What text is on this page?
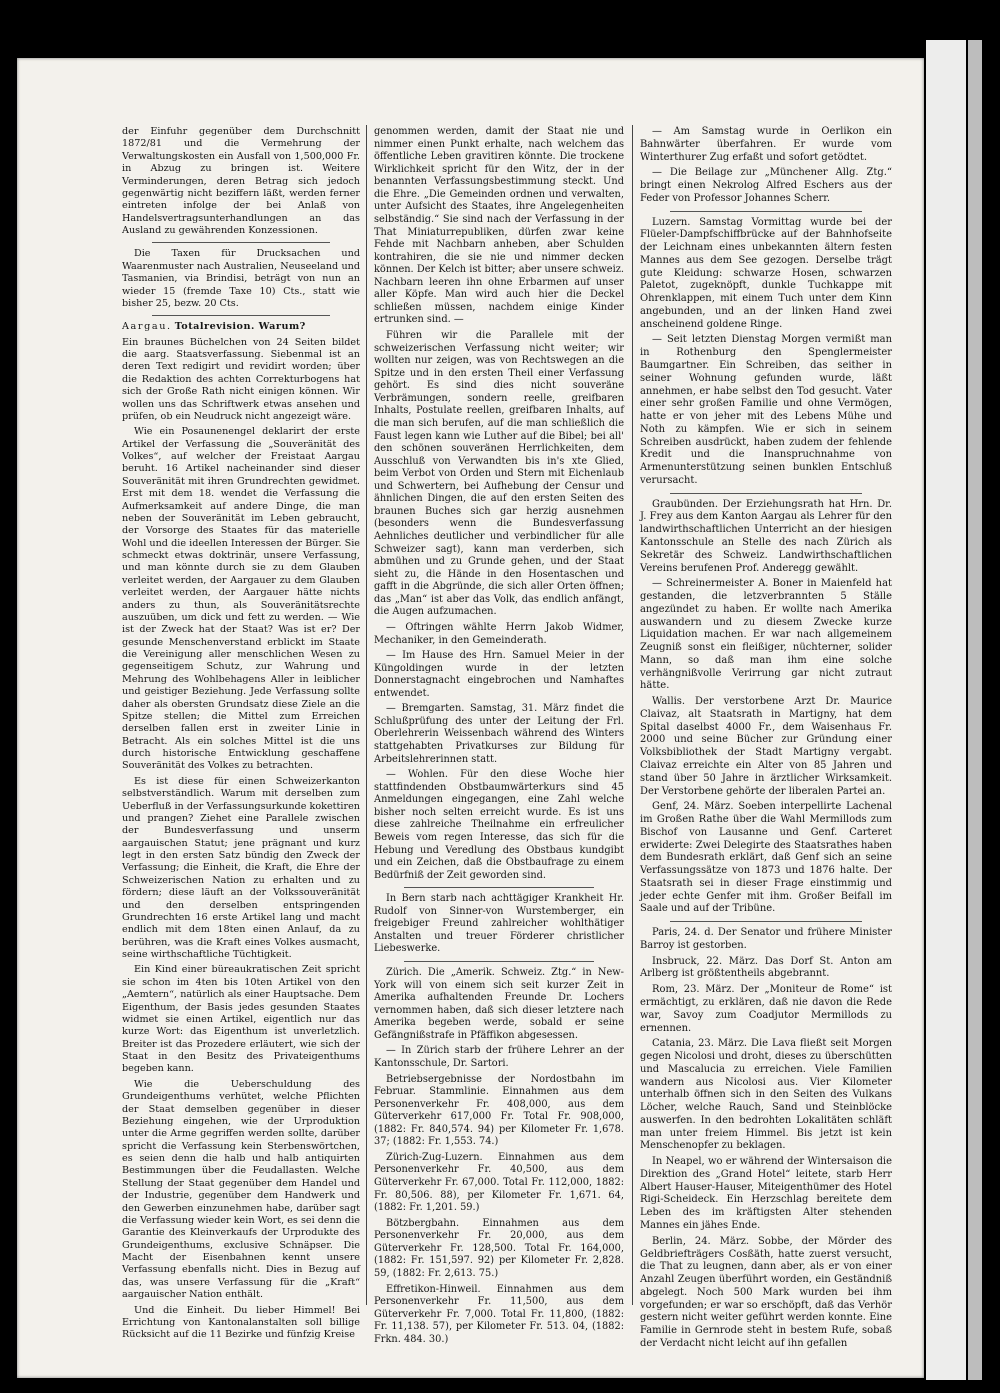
der Einfuhr gegenüber dem Durchschnitt 1872/81 und die Vermehrung der Verwaltungskosten ein Ausfall von 1,500,000 Fr. in Abzug zu bringen ist. Weitere Verminderungen, deren Betrag sich jedoch gegenwärtig nicht beziffern läßt, werden ferner eintreten infolge der bei Anlaß von Handelsvertragsunterhandlungen an das Ausland zu gewährenden Konzessionen.

Die Taxen für Drucksachen und Waarenmuster nach Australien, Neuseeland und Tasmanien, via Brindisi, beträgt von nun an wieder 15 (fremde Taxe 10) Cts., statt wie bisher 25, bezw. 20 Cts.

Aargau. Totalrevision. Warum?

Ein braunes Büchelchen von 24 Seiten bildet die aarg. Staatsverfassung. Siebenmal ist an deren Text redigirt und revidirt worden; über die Redaktion des achten Correkturbogens hat sich der Große Rath nicht einigen können. Wir wollen uns das Schriftwerk etwas ansehen und prüfen, ob ein Neudruck nicht angezeigt wäre.

Wie ein Posaunenengel deklarirt der erste Artikel der Verfassung die „Souveränität des Volkes“, auf welcher der Freistaat Aargau beruht. 16 Artikel nacheinander sind dieser Souveränität mit ihren Grundrechten gewidmet. Erst mit dem 18. wendet die Verfassung die Aufmerksamkeit auf andere Dinge, die man neben der Souveränität im Leben gebraucht, der Vorsorge des Staates für das materielle Wohl und die ideellen Interessen der Bürger. Sie schmeckt etwas doktrinär, unsere Verfassung, und man könnte durch sie zu dem Glauben verleitet werden, der Aargauer zu dem Glauben verleitet werden, der Aargauer hätte nichts anders zu thun, als Souveränitätsrechte auszuüben, um dick und fett zu werden. — Wie ist der Zweck hat der Staat? Was ist er? Der gesunde Menschenverstand erblickt im Staate die Vereinigung aller menschlichen Wesen zu gegenseitigem Schutz, zur Wahrung und Mehrung des Wohlbehagens Aller in leiblicher und geistiger Beziehung. Jede Verfassung sollte daher als obersten Grundsatz diese Ziele an die Spitze stellen; die Mittel zum Erreichen derselben fallen erst in zweiter Linie in Betracht. Als ein solches Mittel ist die uns durch historische Entwicklung geschaffene Souveränität des Volkes zu betrachten.

Es ist diese für einen Schweizerkanton selbstverständlich. Warum mit derselben zum Ueberfluß in der Verfassungsurkunde kokettiren und prangen? Ziehet eine Parallele zwischen der Bundesverfassung und unserm aargauischen Statut; jene prägnant und kurz legt in den ersten Satz bündig den Zweck der Verfassung; die Einheit, die Kraft, die Ehre der Schweizerischen Nation zu erhalten und zu fördern; diese läuft an der Volkssouveränität und den derselben entspringenden Grundrechten 16 erste Artikel lang und macht endlich mit dem 18ten einen Anlauf, da zu berühren, was die Kraft eines Volkes ausmacht, seine wirthschaftliche Tüchtigkeit.

Ein Kind einer büreaukratischen Zeit spricht sie schon im 4ten bis 10ten Artikel von den „Aemtern“, natürlich als einer Hauptsache. Dem Eigenthum, der Basis jedes gesunden Staates widmet sie einen Artikel, eigentlich nur das kurze Wort: das Eigenthum ist unverletzlich. Breiter ist das Prozedere erläutert, wie sich der Staat in den Besitz des Privateigenthums begeben kann.

Wie die Ueberschuldung des Grundeigenthums verhütet, welche Pflichten der Staat demselben gegenüber in dieser Beziehung eingehen, wie der Urproduktion unter die Arme gegriffen werden sollte, darüber spricht die Verfassung kein Sterbenswörtchen, es seien denn die halb und halb antiquirten Bestimmungen über die Feudallasten. Welche Stellung der Staat gegenüber dem Handel und der Industrie, gegenüber dem Handwerk und den Gewerben einzunehmen habe, darüber sagt die Verfassung wieder kein Wort, es sei denn die Garantie des Kleinverkaufs der Urprodukte des Grundeigenthums, exclusive Schnäpser. Die Macht der Eisenbahnen kennt unsere Verfassung ebenfalls nicht. Dies in Bezug auf das, was unsere Verfassung für die „Kraft“ aargauischer Nation enthält.

Und die Einheit. Du lieber Himmel! Bei Errichtung von Kantonalanstalten soll billige Rücksicht auf die 11 Bezirke und fünfzig Kreise

genommen werden, damit der Staat nie und nimmer einen Punkt erhalte, nach welchem das öffentliche Leben gravitiren könnte. Die trockene Wirklichkeit spricht für den Witz, der in der benannten Verfassungsbestimmung steckt. Und die Ehre. „Die Gemeinden ordnen und verwalten, unter Aufsicht des Staates, ihre Angelegenheiten selbständig.“ Sie sind nach der Verfassung in der That Miniaturrepubliken, dürfen zwar keine Fehde mit Nachbarn anheben, aber Schulden kontrahiren, die sie nie und nimmer decken können. Der Kelch ist bitter; aber unsere schweiz. Nachbarn leeren ihn ohne Erbarmen auf unser aller Köpfe. Man wird auch hier die Deckel schließen müssen, nachdem einige Kinder ertrunken sind. —

Führen wir die Parallele mit der schweizerischen Verfassung nicht weiter; wir wollten nur zeigen, was von Rechtswegen an die Spitze und in den ersten Theil einer Verfassung gehört. Es sind dies nicht souveräne Verbrämungen, sondern reelle, greifbaren Inhalts, Postulate reellen, greifbaren Inhalts, auf die man sich berufen, auf die man schließlich die Faust legen kann wie Luther auf die Bibel; bei all' den schönen souveränen Herrlichkeiten, dem Ausschluß von Verwandten bis in's xte Glied, beim Verbot von Orden und Stern mit Eichenlaub und Schwertern, bei Aufhebung der Censur und ähnlichen Dingen, die auf den ersten Seiten des braunen Buches sich gar herzig ausnehmen (besonders wenn die Bundesverfassung Aehnliches deutlicher und verbindlicher für alle Schweizer sagt), kann man verderben, sich abmühen und zu Grunde gehen, und der Staat sieht zu, die Hände in den Hosentaschen und gafft in die Abgründe, die sich aller Orten öffnen; das „Man“ ist aber das Volk, das endlich anfängt, die Augen aufzumachen.

— Oftringen wählte Herrn Jakob Widmer, Mechaniker, in den Gemeinderath.

— Im Hause des Hrn. Samuel Meier in der Küngoldingen wurde in der letzten Donnerstagnacht eingebrochen und Namhaftes entwendet.

— Bremgarten. Samstag, 31. März findet die Schlußprüfung des unter der Leitung der Frl. Oberlehrerin Weissenbach während des Winters stattgehabten Privatkurses zur Bildung für Arbeitslehrerinnen statt.

— Wohlen. Für den diese Woche hier stattfindenden Obstbaumwärterkurs sind 45 Anmeldungen eingegangen, eine Zahl welche bisher noch selten erreicht wurde. Es ist uns diese zahlreiche Theilnahme ein erfreulicher Beweis vom regen Interesse, das sich für die Hebung und Veredlung des Obstbaus kundgibt und ein Zeichen, daß die Obstbaufrage zu einem Bedürfniß der Zeit geworden sind.

In Bern starb nach achttägiger Krankheit Hr. Rudolf von Sinner-von Wurstemberger, ein freigebiger Freund zahlreicher wohlthätiger Anstalten und treuer Förderer christlicher Liebeswerke.

Zürich. Die „Amerik. Schweiz. Ztg.“ in New-York will von einem sich seit kurzer Zeit in Amerika aufhaltenden Freunde Dr. Lochers vernommen haben, daß sich dieser letztere nach Amerika begeben werde, sobald er seine Gefängnißstrafe in Pfäffikon abgesessen.

— In Zürich starb der frühere Lehrer an der Kantonsschule, Dr. Sartori.

Betriebsergebnisse der Nordostbahn im Februar. Stammlinie. Einnahmen aus dem Personenverkehr Fr. 408,000, aus dem Güterverkehr 617,000 Fr. Total Fr. 908,000, (1882: Fr. 840,574. 94) per Kilometer Fr. 1,678. 37; (1882: Fr. 1,553. 74.)

Zürich-Zug-Luzern. Einnahmen aus dem Personenverkehr Fr. 40,500, aus dem Güterverkehr Fr. 67,000. Total Fr. 112,000, 1882: Fr. 80,506. 88), per Kilometer Fr. 1,671. 64, (1882: Fr. 1,201. 59.)

Bötzbergbahn. Einnahmen aus dem Personenverkehr Fr. 20,000, aus dem Güterverkehr Fr. 128,500. Total Fr. 164,000, (1882: Fr. 151,597. 92) per Kilometer Fr. 2,828. 59, (1882: Fr. 2,613. 75.)

Effretikon-Hinweil. Einnahmen aus dem Personenverkehr Fr. 11,500, aus dem Güterverkehr Fr. 7,000. Total Fr. 11,800, (1882: Fr. 11,138. 57), per Kilometer Fr. 513. 04, (1882: Frkn. 484. 30.)

— Am Samstag wurde in Oerlikon ein Bahnwärter überfahren. Er wurde vom Winterthurer Zug erfaßt und sofort getödtet.

— Die Beilage zur „Münchener Allg. Ztg.“ bringt einen Nekrolog Alfred Eschers aus der Feder von Professor Johannes Scherr.

Luzern. Samstag Vormittag wurde bei der Flüeler-Dampfschiffbrücke auf der Bahnhofseite der Leichnam eines unbekannten ältern festen Mannes aus dem See gezogen. Derselbe trägt gute Kleidung: schwarze Hosen, schwarzen Paletot, zugeknöpft, dunkle Tuchkappe mit Ohrenklappen, mit einem Tuch unter dem Kinn angebunden, und an der linken Hand zwei anscheinend goldene Ringe.

— Seit letzten Dienstag Morgen vermißt man in Rothenburg den Spenglermeister Baumgartner. Ein Schreiben, das seither in seiner Wohnung gefunden wurde, läßt annehmen, er habe selbst den Tod gesucht. Vater einer sehr großen Familie und ohne Vermögen, hatte er von jeher mit des Lebens Mühe und Noth zu kämpfen. Wie er sich in seinem Schreiben ausdrückt, haben zudem der fehlende Kredit und die Inanspruchnahme von Armenunterstützung seinen bunklen Entschluß verursacht.

Graubünden. Der Erziehungsrath hat Hrn. Dr. J. Frey aus dem Kanton Aargau als Lehrer für den landwirthschaftlichen Unterricht an der hiesigen Kantonsschule an Stelle des nach Zürich als Sekretär des Schweiz. Landwirthschaftlichen Vereins berufenen Prof. Anderegg gewählt.

— Schreinermeister A. Boner in Maienfeld hat gestanden, die letzverbrannten 5 Ställe angezündet zu haben. Er wollte nach Amerika auswandern und zu diesem Zwecke kurze Liquidation machen. Er war nach allgemeinem Zeugniß sonst ein fleißiger, nüchterner, solider Mann, so daß man ihm eine solche verhängnißvolle Verirrung gar nicht zutraut hätte.

Wallis. Der verstorbene Arzt Dr. Maurice Claivaz, alt Staatsrath in Martigny, hat dem Spital daselbst 4000 Fr., dem Waisenhaus Fr. 2000 und seine Bücher zur Gründung einer Volksbibliothek der Stadt Martigny vergabt. Claivaz erreichte ein Alter von 85 Jahren und stand über 50 Jahre in ärztlicher Wirksamkeit. Der Verstorbene gehörte der liberalen Partei an.

Genf, 24. März. Soeben interpellirte Lachenal im Großen Rathe über die Wahl Mermillods zum Bischof von Lausanne und Genf. Carteret erwiderte: Zwei Delegirte des Staatsrathes haben dem Bundesrath erklärt, daß Genf sich an seine Verfassungssätze von 1873 und 1876 halte. Der Staatsrath sei in dieser Frage einstimmig und jeder echte Genfer mit ihm. Großer Beifall im Saale und auf der Tribüne.

Paris, 24. d. Der Senator und frühere Minister Barroy ist gestorben.

Insbruck, 22. März. Das Dorf St. Anton am Arlberg ist größtentheils abgebrannt.

Rom, 23. März. Der „Moniteur de Rome“ ist ermächtigt, zu erklären, daß nie davon die Rede war, Savoy zum Coadjutor Mermillods zu ernennen.

Catania, 23. März. Die Lava fließt seit Morgen gegen Nicolosi und droht, dieses zu überschütten und Mascalucia zu erreichen. Viele Familien wandern aus Nicolosi aus. Vier Kilometer unterhalb öffnen sich in den Seiten des Vulkans Löcher, welche Rauch, Sand und Steinblöcke auswerfen. In den bedrohten Lokalitäten schläft man unter freiem Himmel. Bis jetzt ist kein Menschenopfer zu beklagen.

In Neapel, wo er während der Wintersaison die Direktion des „Grand Hotel“ leitete, starb Herr Albert Hauser-Hauser, Miteigenthümer des Hotel Rigi-Scheideck. Ein Herzschlag bereitete dem Leben des im kräftigsten Alter stehenden Mannes ein jähes Ende.

Berlin, 24. März. Sobbe, der Mörder des Geldbriefträgers Cosßäth, hatte zuerst versucht, die That zu leugnen, dann aber, als er von einer Anzahl Zeugen überführt worden, ein Geständniß abgelegt. Noch 500 Mark wurden bei ihm vorgefunden; er war so erschöpft, daß das Verhör gestern nicht weiter geführt werden konnte. Eine Familie in Gernrode steht in bestem Rufe, sobaß der Verdacht nicht leicht auf ihn gefallen
